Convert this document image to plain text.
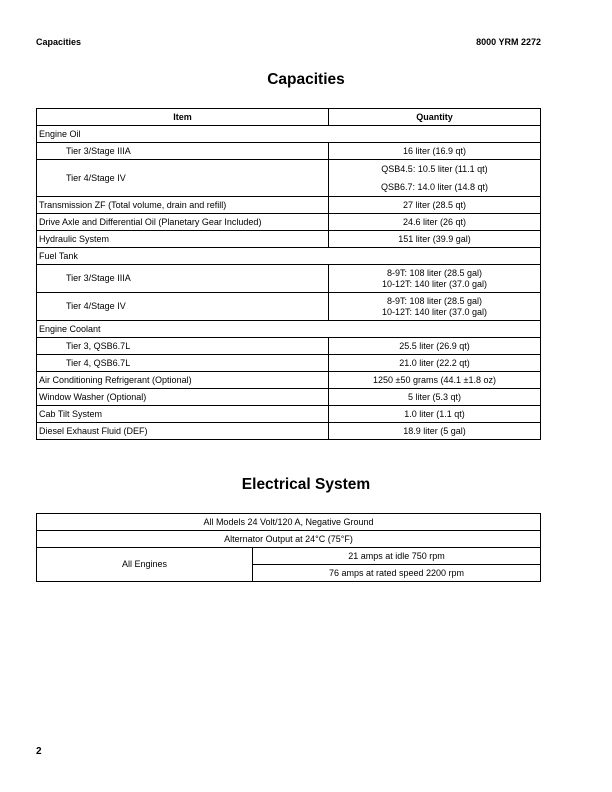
Capacities	8000 YRM 2272
Capacities
Item	Quantity
Engine Oil	
Tier 3/Stage IIIA	16 liter (16.9 qt)
Tier 4/Stage IV	QSB4.5: 10.5 liter (11.1 qt)
QSB6.7: 14.0 liter (14.8 qt)

Transmission ZF (Total volume, drain and refill)	27 liter (28.5 qt)
Drive Axle and Differential Oil (Planetary Gear Included)	24.6 liter (26 qt)
Hydraulic System	151 liter (39.9 gal)
Fuel Tank	
Tier 3/Stage IIIA	8-9T: 108 liter (28.5 gal)
10-12T: 140 liter (37.0 gal)

Tier 4/Stage IV	8-9T: 108 liter (28.5 gal)
10-12T: 140 liter (37.0 gal)

Engine Coolant	
Tier 3, QSB6.7L	25.5 liter (26.9 qt)
Tier 4, QSB6.7L	21.0 liter (22.2 qt)
Air Conditioning Refrigerant (Optional)	1250 ±50 grams (44.1 ±1.8 oz)
Window Washer (Optional)	5 liter (5.3 qt)
Cab Tilt System	1.0 liter (1.1 qt)
Diesel Exhaust Fluid (DEF)	18.9 liter (5 gal)
Electrical System
All Models 24 Volt/120 A, Negative Ground
Alternator Output at 24°C (75°F)
All Engines	21 amps at idle 750 rpm
76 amps at rated speed 2200 rpm
2
